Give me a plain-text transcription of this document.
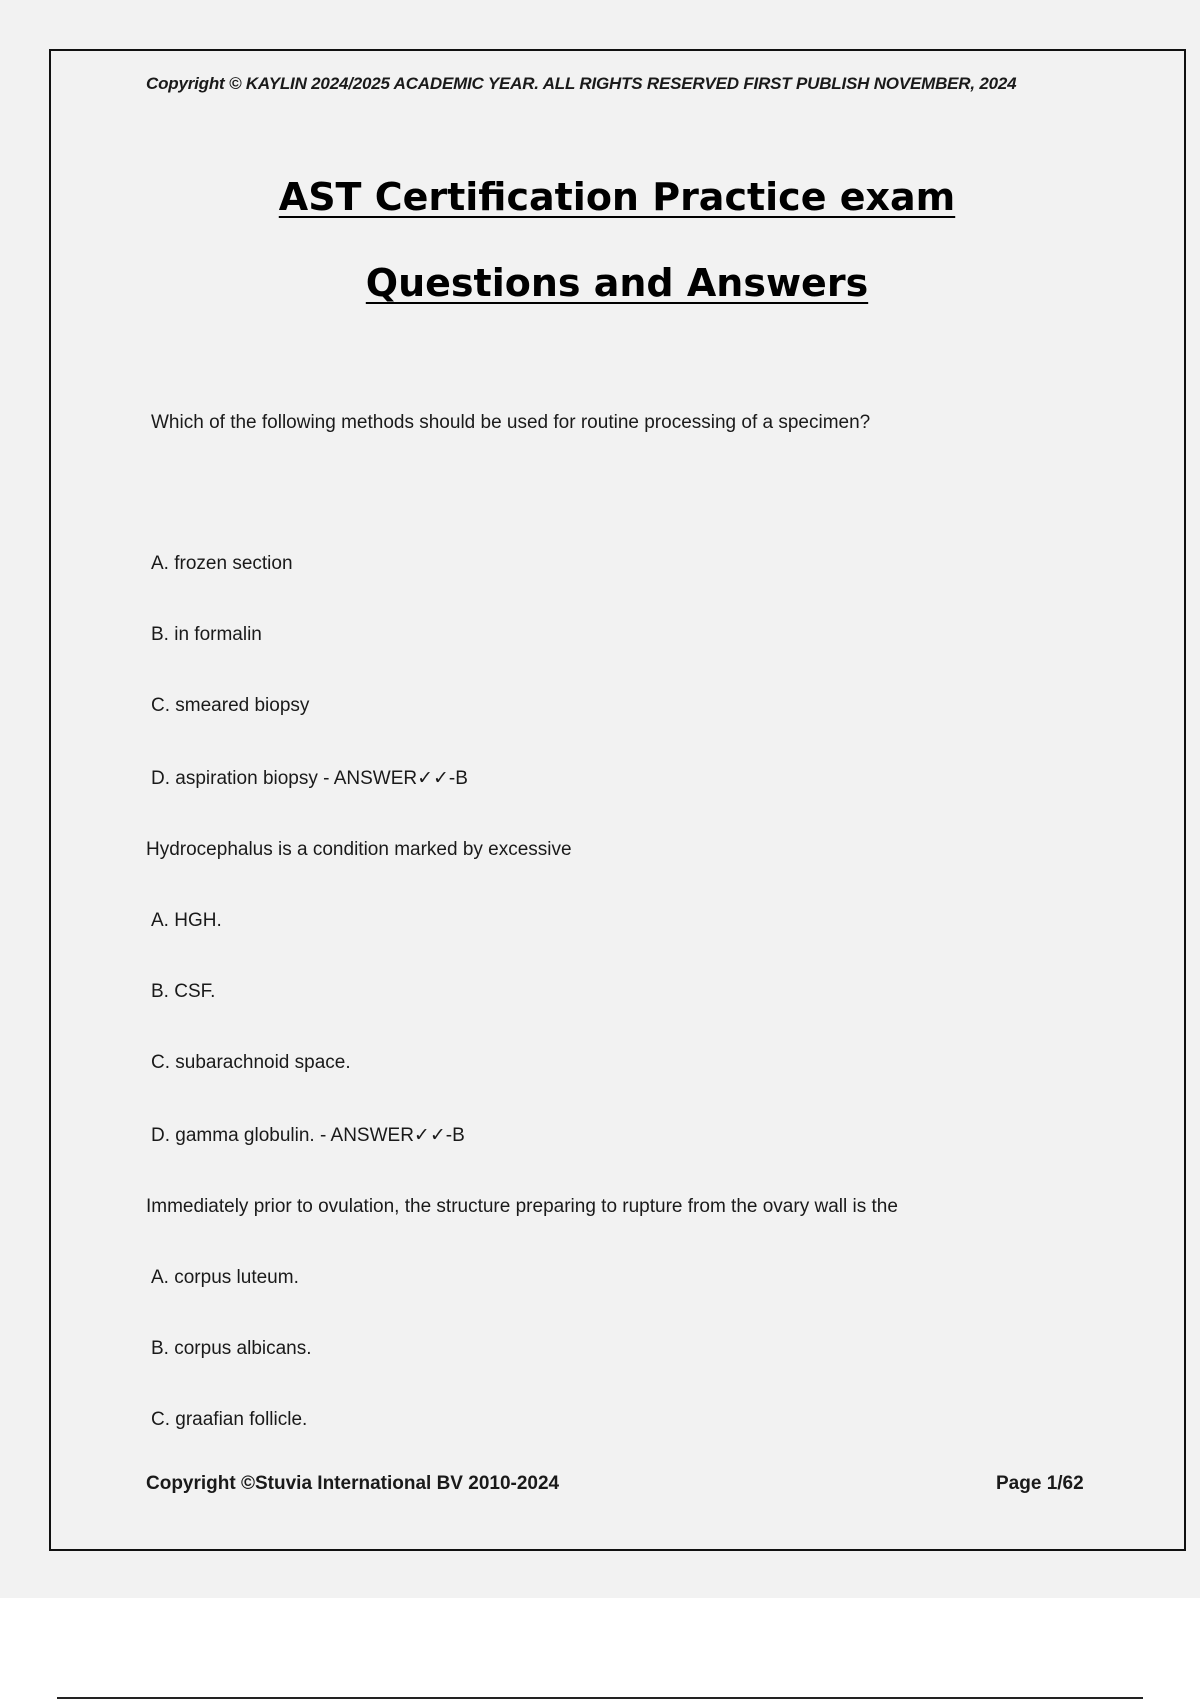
Copyright © KAYLIN 2024/2025 ACADEMIC YEAR. ALL RIGHTS RESERVED FIRST PUBLISH NOVEMBER, 2024
AST Certification Practice exam
Questions and Answers
Which of the following methods should be used for routine processing of a specimen?
A. frozen section
B. in formalin
C. smeared biopsy
D. aspiration biopsy - ANSWER✓✓-B
Hydrocephalus is a condition marked by excessive
A. HGH.
B. CSF.
C. subarachnoid space.
D. gamma globulin. - ANSWER✓✓-B
Immediately prior to ovulation, the structure preparing to rupture from the ovary wall is the
A. corpus luteum.
B. corpus albicans.
C. graafian follicle.
Copyright ©Stuvia International BV 2010-2024	Page 1/62
